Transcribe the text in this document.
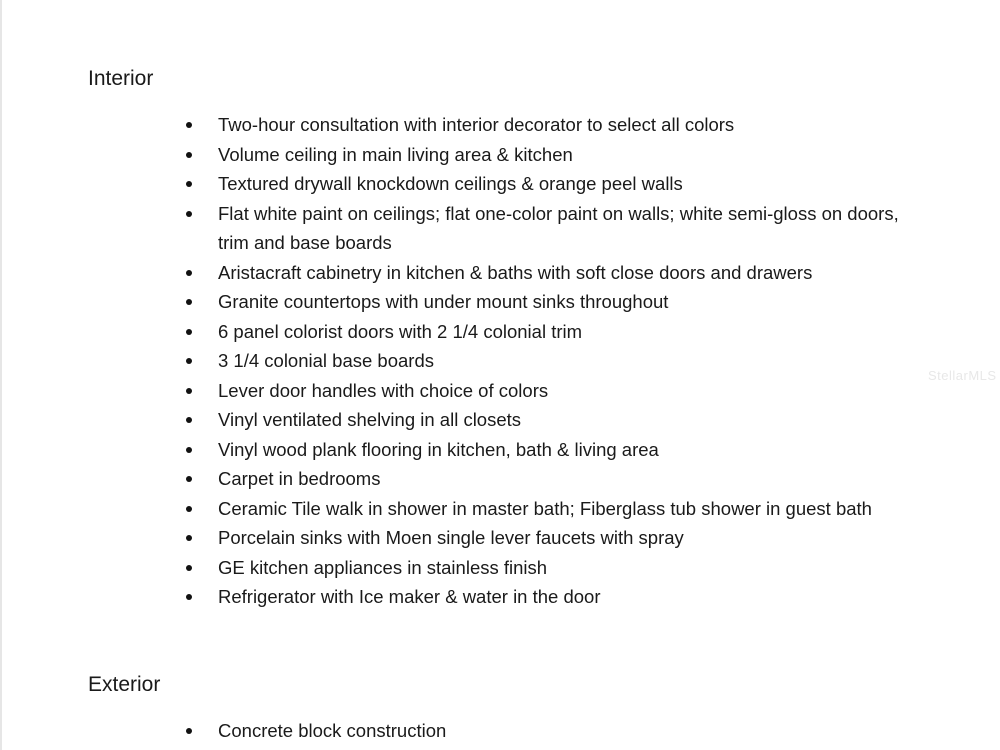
Interior
Two-hour consultation with interior decorator to select all colors
Volume ceiling in main living area & kitchen
Textured drywall knockdown ceilings & orange peel walls
Flat white paint on ceilings; flat one-color paint on walls; white semi-gloss on doors, trim and base boards
Aristacraft cabinetry in kitchen & baths with soft close doors and drawers
Granite countertops with under mount sinks throughout
6 panel colorist doors with 2 1/4 colonial trim
3 1/4 colonial base boards
Lever door handles with choice of colors
Vinyl ventilated shelving in all closets
Vinyl wood plank flooring in kitchen, bath & living area
Carpet in bedrooms
Ceramic Tile walk in shower in master bath; Fiberglass tub shower in guest bath
Porcelain sinks with Moen single lever faucets with spray
GE kitchen appliances in stainless finish
Refrigerator with Ice maker & water in the door
StellarMLS
Exterior
Concrete block construction
